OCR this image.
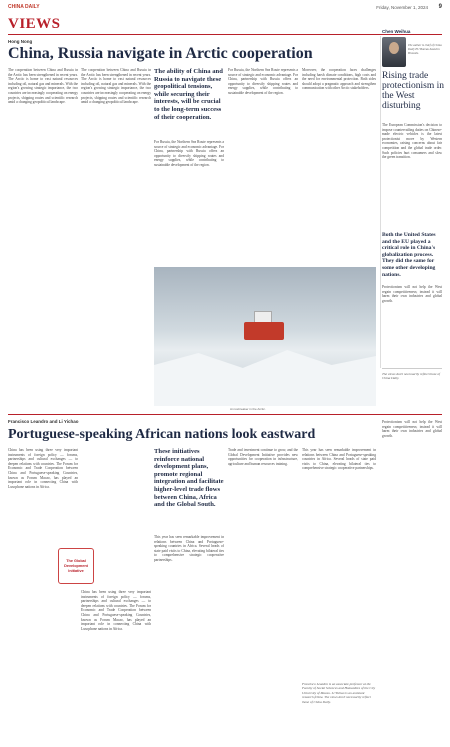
CHINA DAILY	Friday, November 1, 2024 9
VIEWS
Hong Nong
China, Russia navigate in Arctic cooperation
The cooperation between China and Russia in the Arctic has been strengthened in recent years. The Arctic is home to vast natural resources including oil, natural gas and minerals. With the region's growing strategic importance, the two countries are increasingly cooperating on energy projects, shipping routes and scientific research amid a changing geopolitical landscape.
The cooperation between China and Russia in the Arctic has been strengthened in recent years. The Arctic is home to vast natural resources including oil, natural gas and minerals. With the region's growing strategic importance, the two countries are increasingly cooperating on energy projects, shipping routes and scientific research amid a changing geopolitical landscape.
The ability of China and Russia to navigate these geopolitical tensions, while securing their interests, will be crucial to the long-term success of their cooperation.
For Russia, the Northern Sea Route represents a source of strategic and economic advantage. For China, partnership with Russia offers an opportunity to diversify shipping routes and energy supplies, while contributing to sustainable development of the region.
For Russia, the Northern Sea Route represents a source of strategic and economic advantage. For China, partnership with Russia offers an opportunity to diversify shipping routes and energy supplies, while contributing to sustainable development of the region.
Moreover, the cooperation faces challenges including harsh climate conditions, high costs and the need for environmental protection. Both sides should adopt a pragmatic approach and strengthen communication with other Arctic stakeholders.
An icebreaker in the Arctic.
Chen Weihua
The author is chief of China Daily EU Bureau based in Brussels.
Rising trade protectionism in the West disturbing
The European Commission's decision to impose countervailing duties on Chinese-made electric vehicles is the latest protectionist move by Western economies, raising concerns about fair competition and the global trade order. Such policies hurt consumers and slow the green transition.
Both the United States and the EU played a critical role in China's globalization process. They did the same for some other developing nations.
Protectionism will not help the West regain competitiveness; instead it will harm their own industries and global growth.
The views don't necessarily reflect those of China Daily.
Francisco Leandro and Li Yichao
Portuguese-speaking African nations look eastward
China has been using three very important instruments of foreign policy — forums, partnerships and cultural exchanges — to deepen relations with countries. The Forum for Economic and Trade Cooperation between China and Portuguese-speaking Countries, known as Forum Macao, has played an important role in connecting China with Lusophone nations in Africa.
The Global Development Initiative
China has been using three very important instruments of foreign policy — forums, partnerships and cultural exchanges — to deepen relations with countries. The Forum for Economic and Trade Cooperation between China and Portuguese-speaking Countries, known as Forum Macao, has played an important role in connecting China with Lusophone nations in Africa.
These initiatives reinforce national development plans, promote regional integration and facilitate higher-level trade flows between China, Africa and the Global South.
This year has seen remarkable improvement in relations between China and Portuguese-speaking countries in Africa. Several heads of state paid visits to China, elevating bilateral ties to comprehensive strategic cooperative partnerships.
Trade and investment continue to grow, and the Global Development Initiative provides new opportunities for cooperation in infrastructure, agriculture and human resources training.
This year has seen remarkable improvement in relations between China and Portuguese-speaking countries in Africa. Several heads of state paid visits to China, elevating bilateral ties to comprehensive strategic cooperative partnerships.
Francisco Leandro is an associate professor at the Faculty of Social Sciences and Humanities of the City University of Macau. Li Yichao is an assistant research fellow. The views don't necessarily reflect those of China Daily.
Protectionism will not help the West regain competitiveness; instead it will harm their own industries and global growth.
